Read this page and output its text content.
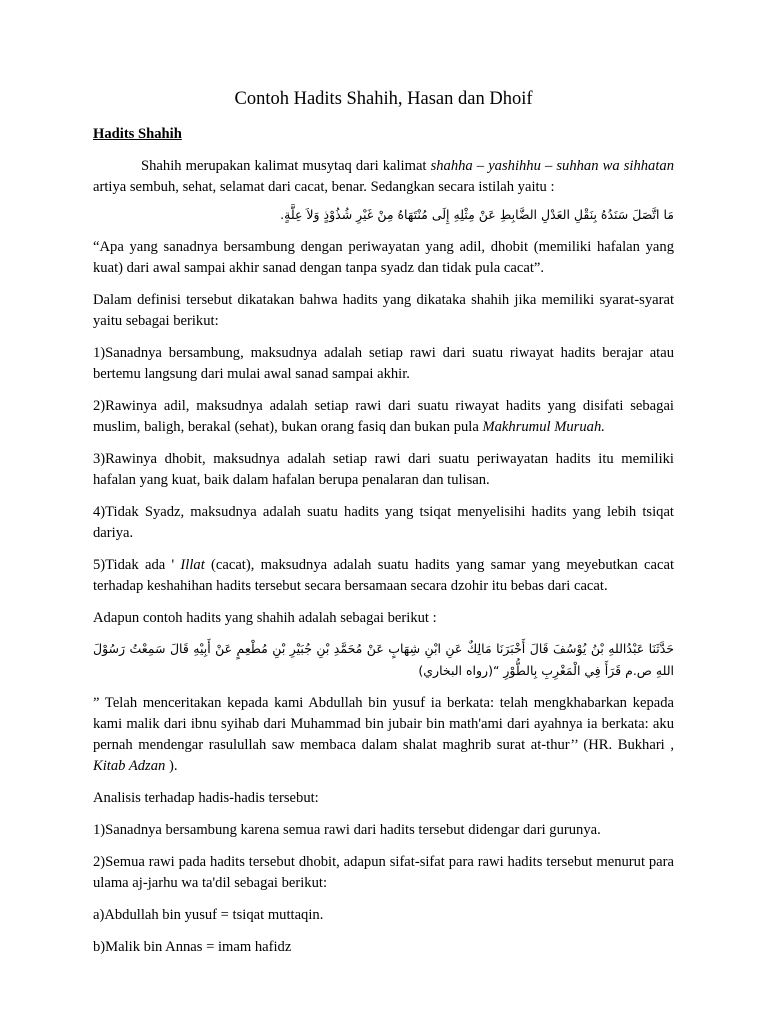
Contoh Hadits Shahih, Hasan dan Dhoif
Hadits Shahih

Shahih merupakan kalimat musytaq dari kalimat shahha – yashihhu – suhhan wa sihhatan artiya sembuh, sehat, selamat dari cacat, benar. Sedangkan secara istilah yaitu :

مَا اتَّصَلَ سَنَدُهُ بِنَقْلِ العَدْلِ الضَّابِطِ عَنْ مِثْلِهِ إِلَى مُنْتَهَاهُ مِنْ غَيْرِ شُذُوْذٍ وَلاَ عِلَّةٍ.

“Apa yang sanadnya bersambung dengan periwayatan yang adil, dhobit (memiliki hafalan yang kuat) dari awal sampai akhir sanad dengan tanpa syadz dan tidak pula cacat”.

Dalam definisi tersebut dikatakan bahwa hadits yang dikataka shahih jika memiliki syarat-syarat yaitu sebagai berikut:

1)Sanadnya bersambung, maksudnya adalah setiap rawi dari suatu riwayat hadits berajar atau bertemu langsung dari mulai awal sanad sampai akhir.

2)Rawinya adil, maksudnya adalah setiap rawi dari suatu riwayat hadits yang disifati sebagai muslim, baligh, berakal (sehat), bukan orang fasiq dan bukan pula Makhrumul Muruah.

3)Rawinya dhobit, maksudnya adalah setiap rawi dari suatu periwayatan hadits itu memiliki hafalan yang kuat, baik dalam hafalan berupa penalaran dan tulisan.

4)Tidak Syadz, maksudnya adalah suatu hadits yang tsiqat menyelisihi hadits yang lebih tsiqat dariya.

5)Tidak ada ' Illat (cacat), maksudnya adalah suatu hadits yang samar yang meyebutkan cacat terhadap keshahihan hadits tersebut secara bersamaan secara dzohir itu bebas dari cacat.

Adapun contoh hadits yang shahih adalah sebagai berikut :

حَدَّثَنَا عَبْدُاللهِ بْنُ يُوْسُفَ قَالَ أَخْبَرَنَا مَالِكٌ عَنِ ابْنِ شِهَابٍ عَنْ مُحَمَّدِ بْنِ جُبَيْرِ بْنِ مُطْعِمٍ عَنْ أَبِيْهِ قَالَ سَمِعْتُ رَسُوْلَ اللهِ ص.م قَرَأَ فِي الْمَغْرِبِ بِالطُّوْرِ “(رواه البخاري)

” Telah menceritakan kepada kami Abdullah bin yusuf ia berkata: telah mengkhabarkan kepada kami malik dari ibnu syihab dari Muhammad bin jubair bin math'ami dari ayahnya ia berkata: aku pernah mendengar rasulullah saw membaca dalam shalat maghrib surat at-thur’’ (HR. Bukhari , Kitab Adzan ).

Analisis terhadap hadis-hadis tersebut:

1)Sanadnya bersambung karena semua rawi dari hadits tersebut didengar dari gurunya.

2)Semua rawi pada hadits tersebut dhobit, adapun sifat-sifat para rawi hadits tersebut menurut para ulama aj-jarhu wa ta'dil sebagai berikut:

a)Abdullah bin yusuf = tsiqat muttaqin.

b)Malik bin Annas = imam hafidz
